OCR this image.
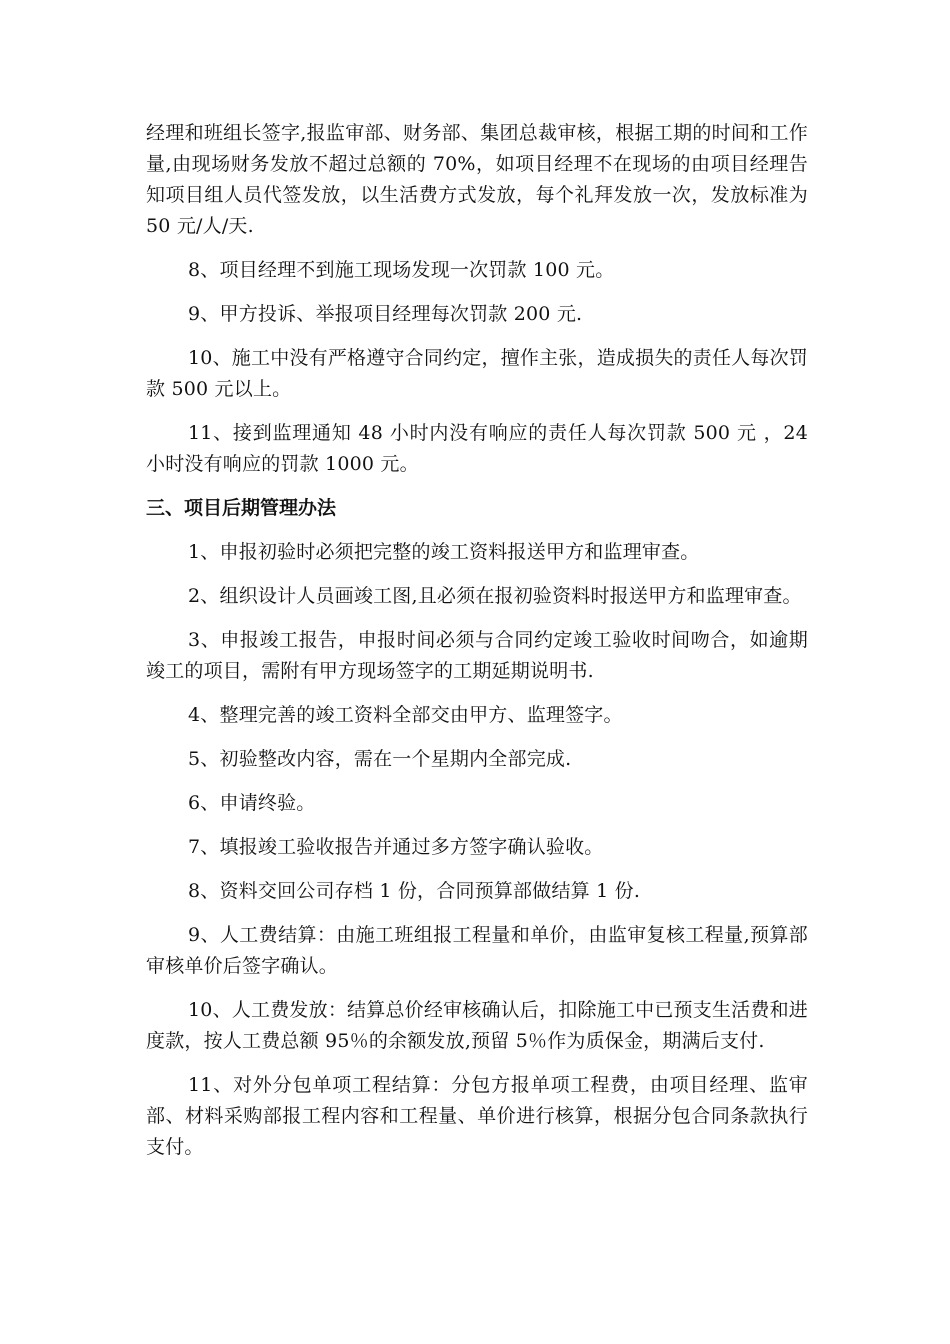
经理和班组长签字,报监审部、财务部、集团总裁审核，根据工期的时间和工作量,由现场财务发放不超过总额的 70%，如项目经理不在现场的由项目经理告知项目组人员代签发放，以生活费方式发放，每个礼拜发放一次，发放标准为 50 元/人/天.

8、项目经理不到施工现场发现一次罚款 100 元。

9、甲方投诉、举报项目经理每次罚款 200 元.

10、施工中没有严格遵守合同约定，擅作主张，造成损失的责任人每次罚款 500 元以上。

11、接到监理通知 48 小时内没有响应的责任人每次罚款 500 元 ，24 小时没有响应的罚款 1000 元。

三、项目后期管理办法

1、申报初验时必须把完整的竣工资料报送甲方和监理审查。

2、组织设计人员画竣工图,且必须在报初验资料时报送甲方和监理审查。

3、申报竣工报告，申报时间必须与合同约定竣工验收时间吻合，如逾期竣工的项目，需附有甲方现场签字的工期延期说明书.

4、整理完善的竣工资料全部交由甲方、监理签字。

5、初验整改内容，需在一个星期内全部完成.

6、申请终验。

7、填报竣工验收报告并通过多方签字确认验收。

8、资料交回公司存档 1 份，合同预算部做结算 1 份.

9、人工费结算：由施工班组报工程量和单价，由监审复核工程量,预算部审核单价后签字确认。

10、人工费发放：结算总价经审核确认后，扣除施工中已预支生活费和进度款，按人工费总额 95％的余额发放,预留 5％作为质保金，期满后支付.

11、对外分包单项工程结算：分包方报单项工程费，由项目经理、监审部、材料采购部报工程内容和工程量、单价进行核算，根据分包合同条款执行支付。
